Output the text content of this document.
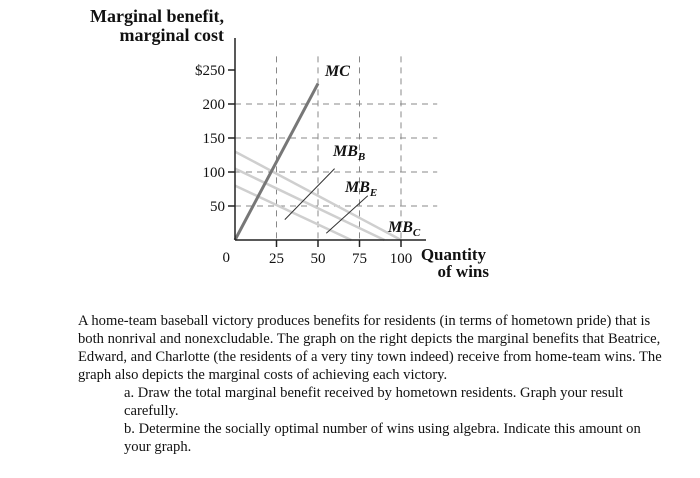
Marginal benefit,
marginal cost
50
100
150
200
$250
25 50 75 100
MC
$MB_B$
$MB_E$
$MB_C$
0	Quantity
of wins

A home-team baseball victory produces benefits for residents (in terms of hometown pride) that is both nonrival and nonexcludable. The graph on the right depicts the marginal benefits that Beatrice, Edward, and Charlotte (the residents of a very tiny town indeed) receive from home-team wins. The graph also depicts the marginal costs of achieving each victory.

a. Draw the total marginal benefit received by hometown residents. Graph your result carefully.

b. Determine the socially optimal number of wins using algebra. Indicate this amount on your graph.
